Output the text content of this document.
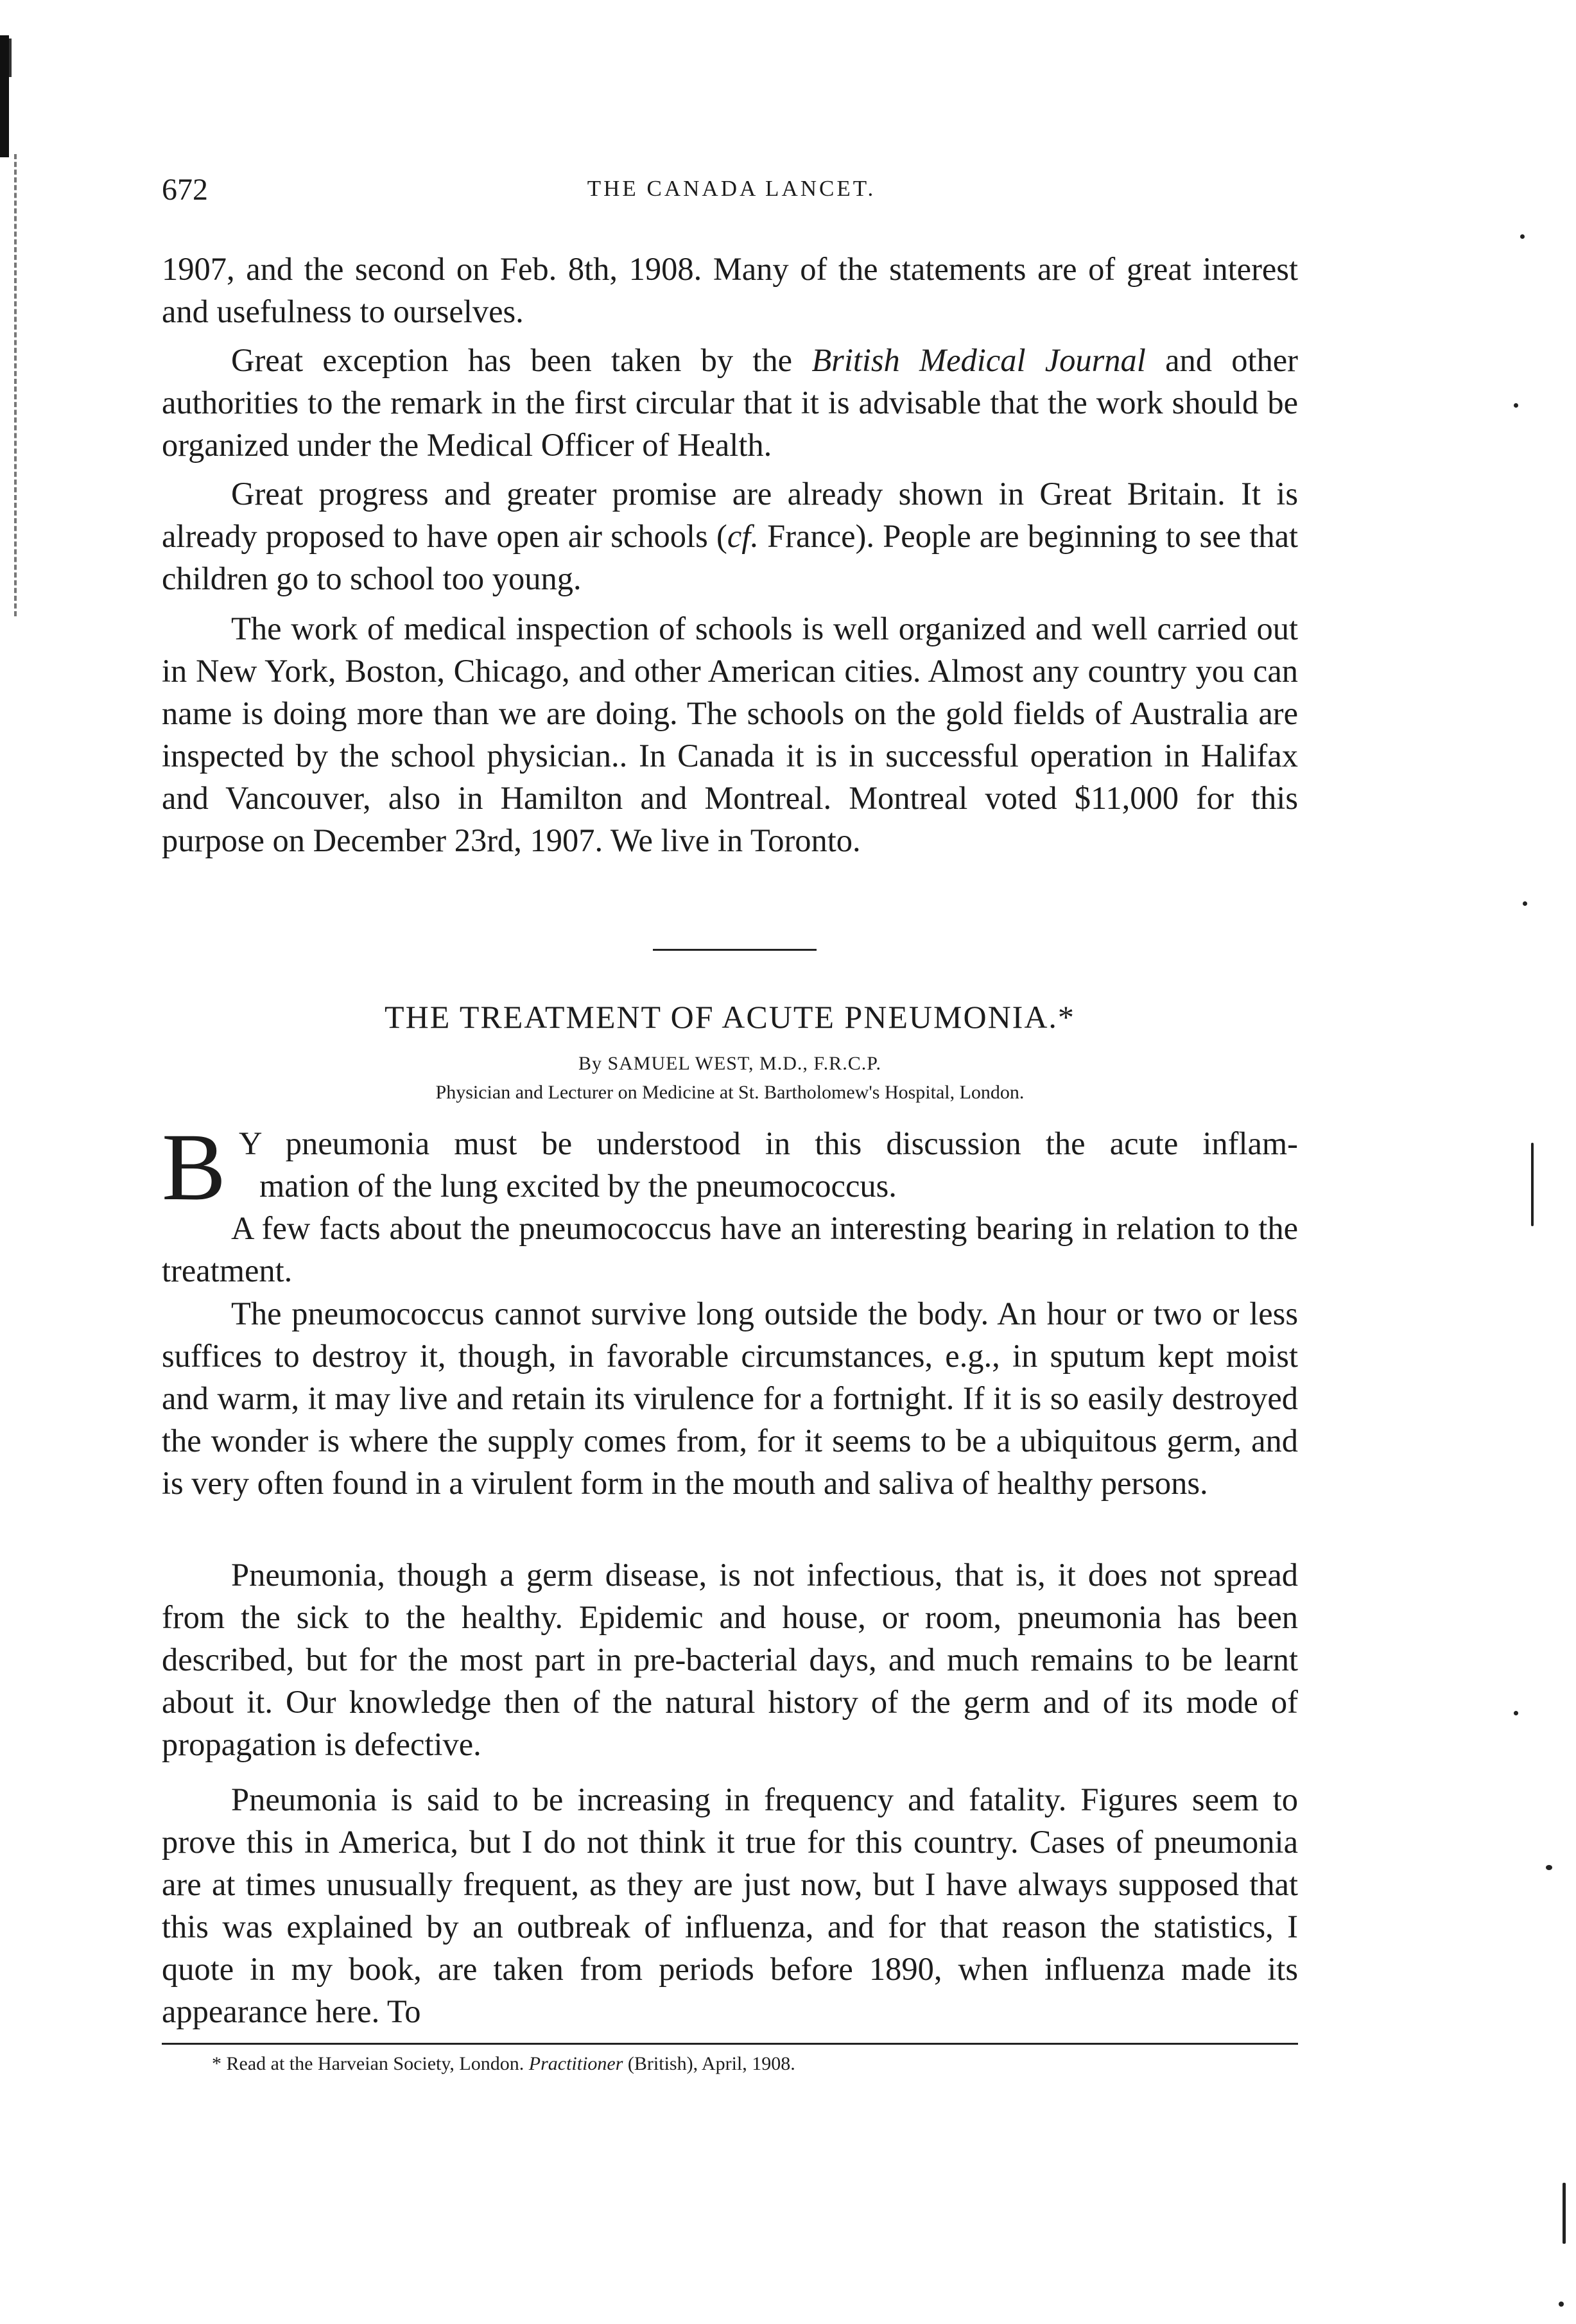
672	THE CANADA LANCET.

1907, and the second on Feb. 8th, 1908. Many of the statements are of great interest and usefulness to ourselves.

Great exception has been taken by the British Medical Journal and other authorities to the remark in the first circular that it is advisable that the work should be organized under the Medical Officer of Health.

Great progress and greater promise are already shown in Great Britain. It is already proposed to have open air schools (cf. France). People are beginning to see that children go to school too young.

The work of medical inspection of schools is well organized and well carried out in New York, Boston, Chicago, and other American cities. Almost any country you can name is doing more than we are doing. The schools on the gold fields of Australia are inspected by the school physician.. In Canada it is in successful operation in Halifax and Vancouver, also in Hamilton and Montreal. Montreal voted $11,000 for this purpose on December 23rd, 1907. We live in Toronto.

THE TREATMENT OF ACUTE PNEUMONIA.*

By SAMUEL WEST, M.D., F.R.C.P.

Physician and Lecturer on Medicine at St. Bartholomew's Hospital, London.

B Y pneumonia must be understood in this discussion the acute inflam-

mation of the lung excited by the pneumococcus.

A few facts about the pneumococcus have an interesting bearing in relation to the treatment.

The pneumococcus cannot survive long outside the body. An hour or two or less suffices to destroy it, though, in favorable circumstances, e.g., in sputum kept moist and warm, it may live and retain its virulence for a fortnight. If it is so easily destroyed the wonder is where the supply comes from, for it seems to be a ubiquitous germ, and is very often found in a virulent form in the mouth and saliva of healthy persons.

Pneumonia, though a germ disease, is not infectious, that is, it does not spread from the sick to the healthy. Epidemic and house, or room, pneumonia has been described, but for the most part in pre-bacterial days, and much remains to be learnt about it. Our knowledge then of the natural history of the germ and of its mode of propagation is defective.

Pneumonia is said to be increasing in frequency and fatality. Figures seem to prove this in America, but I do not think it true for this country. Cases of pneumonia are at times unusually frequent, as they are just now, but I have always supposed that this was explained by an outbreak of influenza, and for that reason the statistics, I quote in my book, are taken from periods before 1890, when influenza made its appearance here. To

* Read at the Harveian Society, London. Practitioner (British), April, 1908.
